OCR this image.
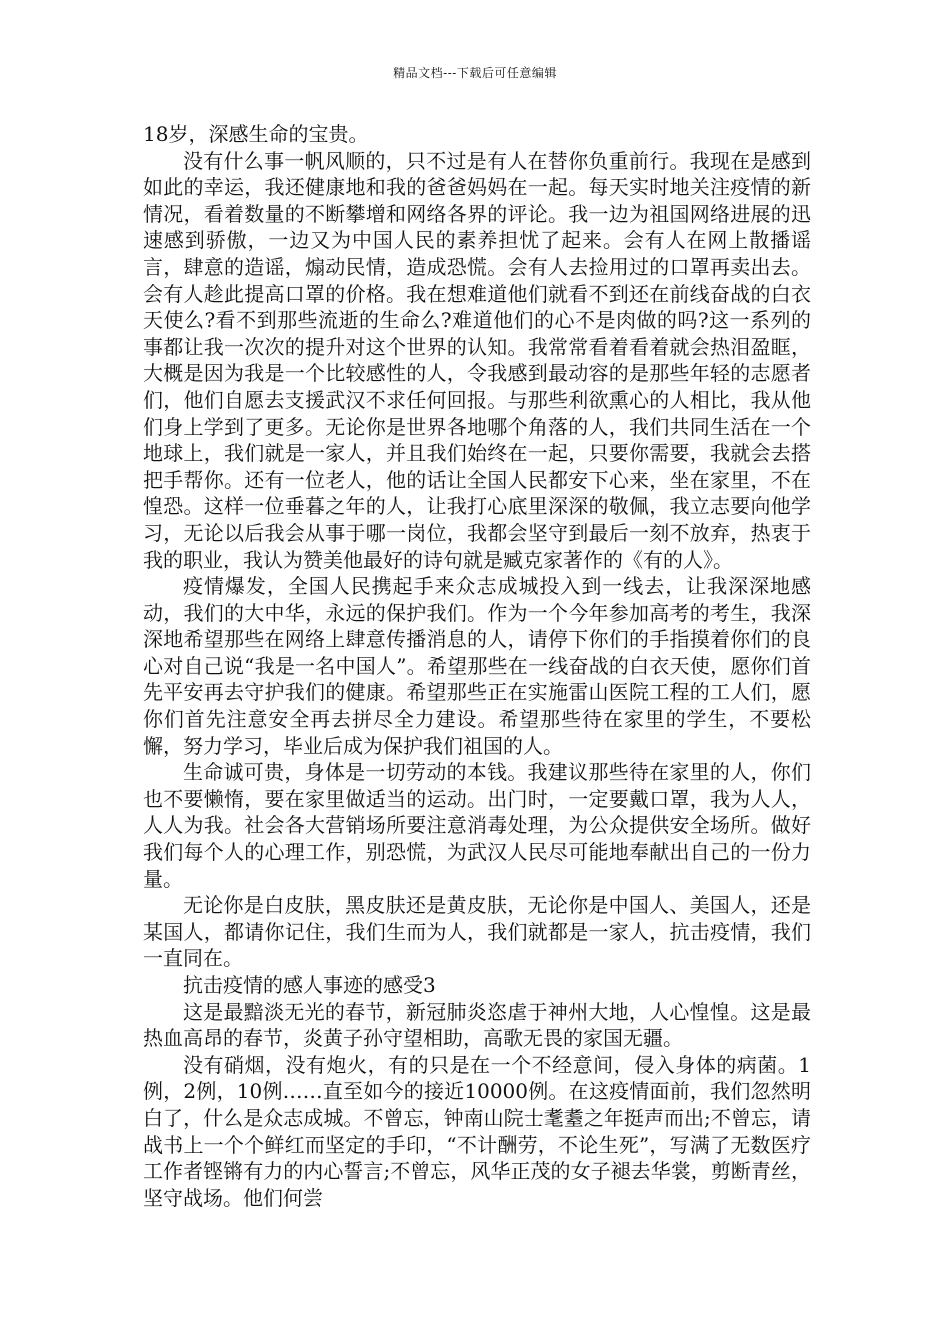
精品文档---下载后可任意编辑

18岁，深感生命的宝贵。

没有什么事一帆风顺的，只不过是有人在替你负重前行。我现在是感到如此的幸运，我还健康地和我的爸爸妈妈在一起。每天实时地关注疫情的新情况，看着数量的不断攀增和网络各界的评论。我一边为祖国网络进展的迅速感到骄傲，一边又为中国人民的素养担忧了起来。会有人在网上散播谣言，肆意的造谣，煽动民情，造成恐慌。会有人去捡用过的口罩再卖出去。会有人趁此提高口罩的价格。我在想难道他们就看不到还在前线奋战的白衣天使么?看不到那些流逝的生命么?难道他们的心不是肉做的吗?这一系列的事都让我一次次的提升对这个世界的认知。我常常看着看着就会热泪盈眶，大概是因为我是一个比较感性的人，令我感到最动容的是那些年轻的志愿者们，他们自愿去支援武汉不求任何回报。与那些利欲熏心的人相比，我从他们身上学到了更多。无论你是世界各地哪个角落的人，我们共同生活在一个地球上，我们就是一家人，并且我们始终在一起，只要你需要，我就会去搭把手帮你。还有一位老人，他的话让全国人民都安下心来，坐在家里，不在惶恐。这样一位垂暮之年的人，让我打心底里深深的敬佩，我立志要向他学习，无论以后我会从事于哪一岗位，我都会坚守到最后一刻不放弃，热衷于我的职业，我认为赞美他最好的诗句就是臧克家著作的《有的人》。

疫情爆发，全国人民携起手来众志成城投入到一线去，让我深深地感动，我们的大中华，永远的保护我们。作为一个今年参加高考的考生，我深深地希望那些在网络上肆意传播消息的人，请停下你们的手指摸着你们的良心对自己说“我是一名中国人”。希望那些在一线奋战的白衣天使，愿你们首先平安再去守护我们的健康。希望那些正在实施雷山医院工程的工人们，愿你们首先注意安全再去拼尽全力建设。希望那些待在家里的学生，不要松懈，努力学习，毕业后成为保护我们祖国的人。

生命诚可贵，身体是一切劳动的本钱。我建议那些待在家里的人，你们也不要懒惰，要在家里做适当的运动。出门时，一定要戴口罩，我为人人，人人为我。社会各大营销场所要注意消毒处理，为公众提供安全场所。做好我们每个人的心理工作，别恐慌，为武汉人民尽可能地奉献出自己的一份力量。

无论你是白皮肤，黑皮肤还是黄皮肤，无论你是中国人、美国人，还是某国人，都请你记住，我们生而为人，我们就都是一家人，抗击疫情，我们一直同在。

抗击疫情的感人事迹的感受3

这是最黯淡无光的春节，新冠肺炎恣虐于神州大地，人心惶惶。这是最热血高昂的春节，炎黄子孙守望相助，高歌无畏的家国无疆。

没有硝烟，没有炮火，有的只是在一个不经意间，侵入身体的病菌。1例，2例，10例……直至如今的接近10000例。在这疫情面前，我们忽然明白了，什么是众志成城。不曾忘，钟南山院士耄耋之年挺声而出;不曾忘，请战书上一个个鲜红而坚定的手印，“不计酬劳，不论生死”，写满了无数医疗工作者铿锵有力的内心誓言;不曾忘，风华正茂的女子褪去华裳，剪断青丝，坚守战场。他们何尝
